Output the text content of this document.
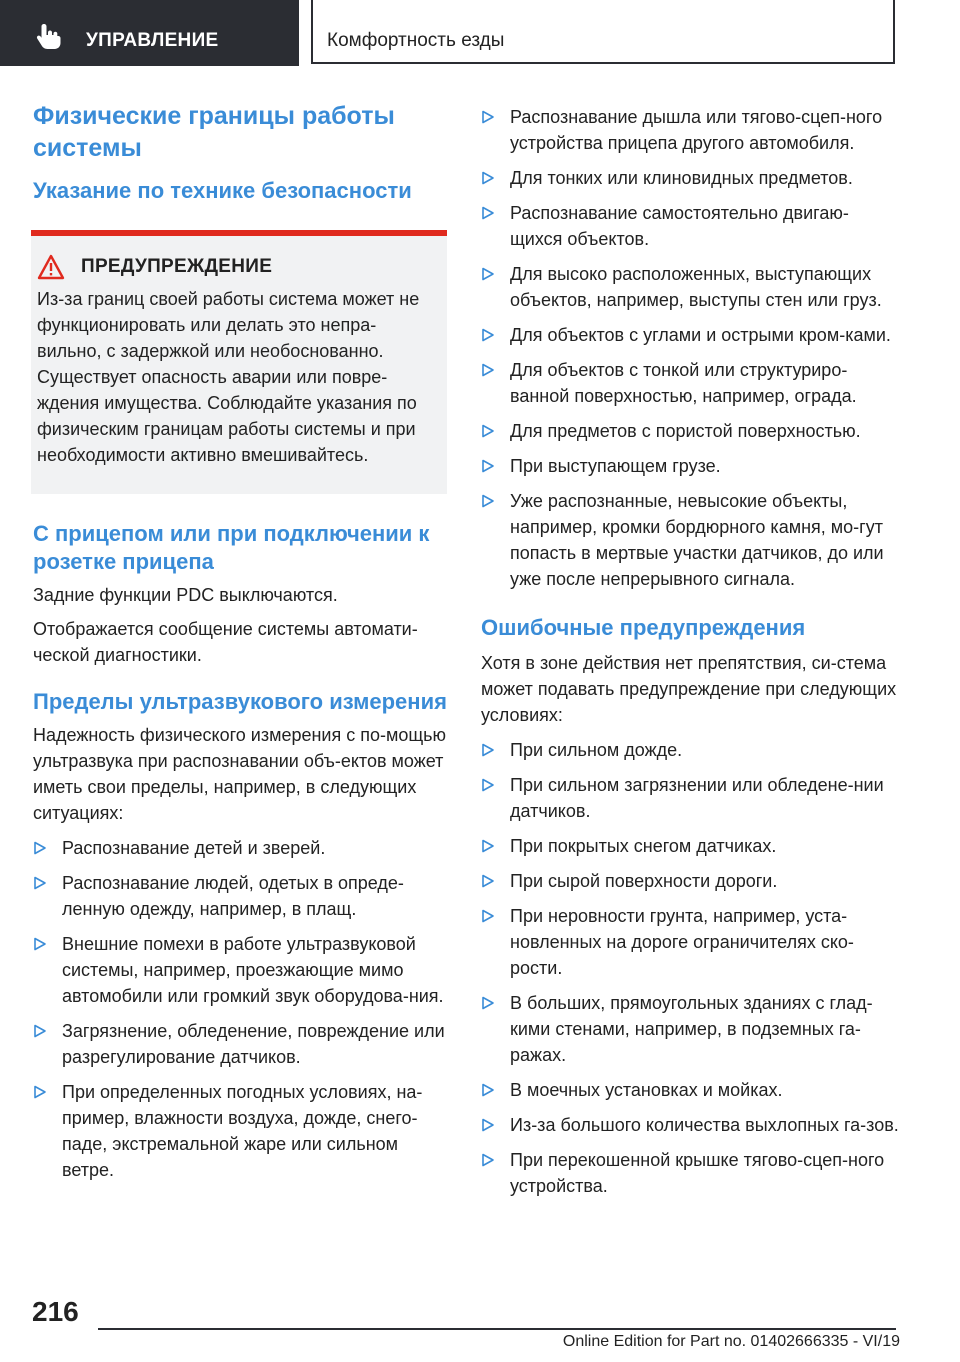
УПРАВЛЕНИЕ	Комфортность езды
Физические границы работы системы
Указание по технике безопасности
ПРЕДУПРЕЖДЕНИЕ

Из-за границ своей работы система может не функционировать или делать это непра-вильно, с задержкой или необоснованно. Существует опасность аварии или повре-ждения имущества. Соблюдайте указания по физическим границам работы системы и при необходимости активно вмешивайтесь.

С прицепом или при подключении к розетке прицепа

Задние функции PDC выключаются.

Отображается сообщение системы автомати-ческой диагностики.

Пределы ультразвукового измерения

Надежность физического измерения с по-мощью ультразвука при распознавании объ-ектов может иметь свои пределы, например, в следующих ситуациях:

Распознавание детей и зверей.
Распознавание людей, одетых в опреде-ленную одежду, например, в плащ.
Внешние помехи в работе ультразвуковой системы, например, проезжающие мимо автомобили или громкий звук оборудова-ния.
Загрязнение, обледенение, повреждение или разрегулирование датчиков.
При определенных погодных условиях, на-пример, влажности воздуха, дожде, снего-паде, экстремальной жаре или сильном ветре.
Распознавание дышла или тягово-сцеп-ного устройства прицепа другого автомобиля.
Для тонких или клиновидных предметов.
Распознавание самостоятельно двигаю-щихся объектов.
Для высоко расположенных, выступающих объектов, например, выступы стен или груз.
Для объектов с углами и острыми кром-ками.
Для объектов с тонкой или структуриро-ванной поверхностью, например, ограда.
Для предметов с пористой поверхностью.
При выступающем грузе.
Уже распознанные, невысокие объекты, например, кромки бордюрного камня, мо-гут попасть в мертвые участки датчиков, до или уже после непрерывного сигнала.
Ошибочные предупреждения

Хотя в зоне действия нет препятствия, си-стема может подавать предупреждение при следующих условиях:

При сильном дожде.
При сильном загрязнении или обледене-нии датчиков.
При покрытых снегом датчиках.
При сырой поверхности дороги.
При неровности грунта, например, уста-новленных на дороге ограничителях ско-рости.
В больших, прямоугольных зданиях с глад-кими стенами, например, в подземных га-ражах.
В моечных установках и мойках.
Из-за большого количества выхлопных га-зов.
При перекошенной крышке тягово-сцеп-ного устройства.
216
Online Edition for Part no. 01402666335 - VI/19
